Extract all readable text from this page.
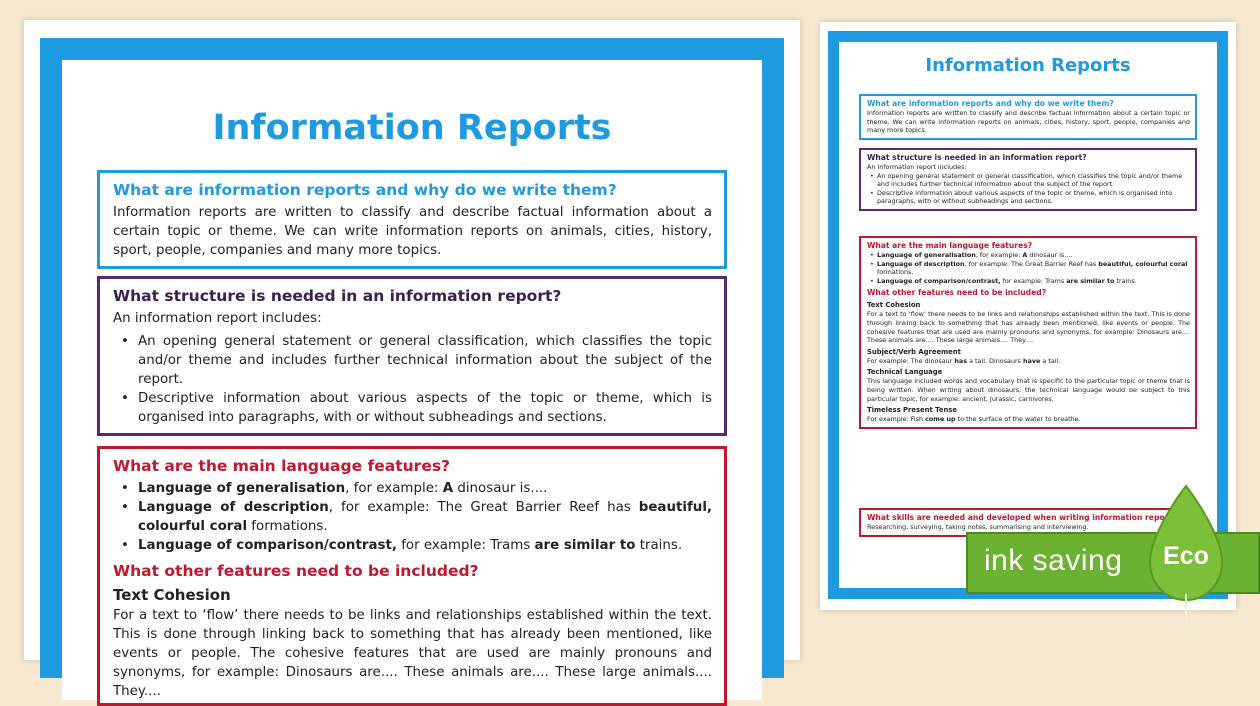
Information Reports
What are information reports and why do we write them?
Information reports are written to classify and describe factual information about a certain topic or theme. We can write information reports on animals, cities, history, sport, people, companies and many more topics.
What structure is needed in an information report?
An information report includes:
• An opening general statement or general classification, which classifies the topic and/or theme and includes further technical information about the subject of the report.
• Descriptive information about various aspects of the topic or theme, which is organised into paragraphs, with or without subheadings and sections.
What are the main language features?
• Language of generalisation, for example: A dinosaur is....
• Language of description, for example: The Great Barrier Reef has beautiful, colourful coral formations.
• Language of comparison/contrast, for example: Trams are similar to trains.
What other features need to be included?
Text Cohesion
For a text to ‘flow’ there needs to be links and relationships established within the text. This is done through linking back to something that has already been mentioned, like events or people. The cohesive features that are used are mainly pronouns and synonyms, for example: Dinosaurs are.... These animals are.... These large animals.... They....
Information Reports
What are information reports and why do we write them?
Information reports are written to classify and describe factual information about a certain topic or theme. We can write information reports on animals, cities, history, sport, people, companies and many more topics.
What structure is needed in an information report?
An information report includes:
• An opening general statement or general classification, which classifies the topic and/or theme and includes further technical information about the subject of the report.
• Descriptive information about various aspects of the topic or theme, which is organised into paragraphs, with or without subheadings and sections.
What are the main language features?
• Language of generalisation, for example: A dinosaur is....
• Language of description, for example: The Great Barrier Reef has beautiful, colourful coral formations.
• Language of comparison/contrast, for example: Trams are similar to trains.
What other features need to be included?
Text Cohesion
For a text to ‘flow’ there needs to be links and relationships established within the text. This is done through linking back to something that has already been mentioned, like events or people. The cohesive features that are used are mainly pronouns and synonyms, for example: Dinosaurs are.... These animals are.... These large animals.... They....
Subject/Verb Agreement
For example: The dinosaur has a tail. Dinosaurs have a tail.
Technical Language
This language included words and vocabulary that is specific to the particular topic or theme that is being written. When writing about dinosaurs, the technical language would be subject to this particular topic, for example: ancient, Jurassic, carnivores.
Timeless Present Tense
For example: Fish come up to the surface of the water to breathe.
What skills are needed and developed when writing information repo
Researching, surveying, taking notes, summarising and interviewing.
ink saving Eco
